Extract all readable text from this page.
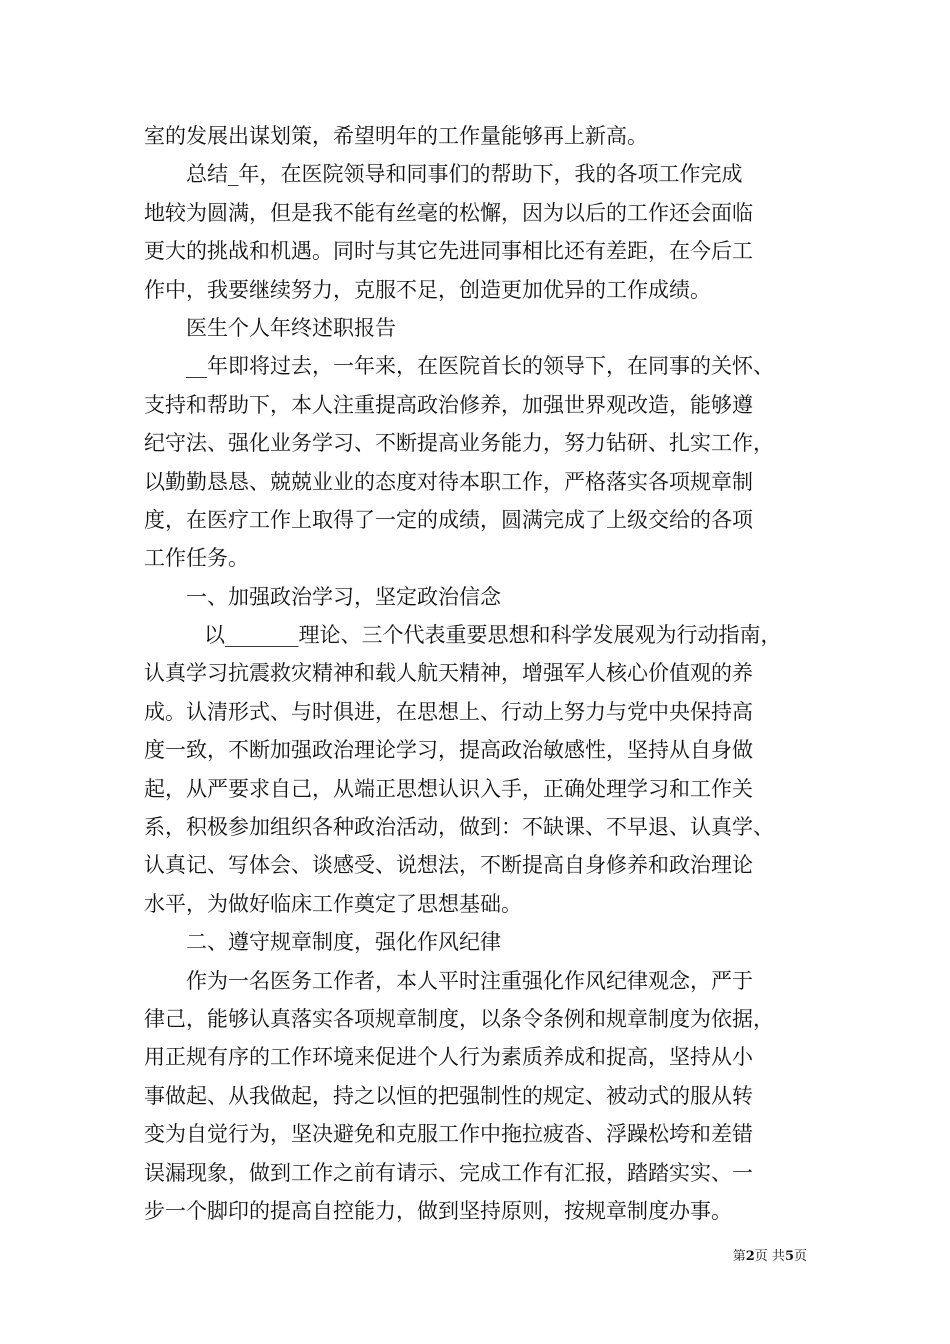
室的发展出谋划策，希望明年的工作量能够再上新高。
总结_年，在医院领导和同事们的帮助下，我的各项工作完成
地较为圆满，但是我不能有丝毫的松懈，因为以后的工作还会面临
更大的挑战和机遇。同时与其它先进同事相比还有差距，在今后工
作中，我要继续努力，克服不足，创造更加优异的工作成绩。
医生个人年终述职报告
__年即将过去，一年来，在医院首长的领导下，在同事的关怀、
支持和帮助下，本人注重提高政治修养，加强世界观改造，能够遵
纪守法、强化业务学习、不断提高业务能力，努力钻研、扎实工作，
以勤勤恳恳、兢兢业业的态度对待本职工作，严格落实各项规章制
度，在医疗工作上取得了一定的成绩，圆满完成了上级交给的各项
工作任务。
一、加强政治学习，坚定政治信念
以_______理论、三个代表重要思想和科学发展观为行动指南，
认真学习抗震救灾精神和载人航天精神，增强军人核心价值观的养
成。认清形式、与时俱进，在思想上、行动上努力与党中央保持高
度一致，不断加强政治理论学习，提高政治敏感性，坚持从自身做
起，从严要求自己，从端正思想认识入手，正确处理学习和工作关
系，积极参加组织各种政治活动，做到：不缺课、不早退、认真学、
认真记、写体会、谈感受、说想法，不断提高自身修养和政治理论
水平，为做好临床工作奠定了思想基础。
二、遵守规章制度，强化作风纪律
作为一名医务工作者，本人平时注重强化作风纪律观念，严于
律己，能够认真落实各项规章制度，以条令条例和规章制度为依据，
用正规有序的工作环境来促进个人行为素质养成和捉高，坚持从小
事做起、从我做起，持之以恒的把强制性的规定、被动式的服从转
变为自觉行为，坚决避免和克服工作中拖拉疲沓、浮躁松垮和差错
误漏现象，做到工作之前有请示、完成工作有汇报，踏踏实实、一
步一个脚印的提高自控能力，做到坚持原则，按规章制度办事。
第2页 共5页
